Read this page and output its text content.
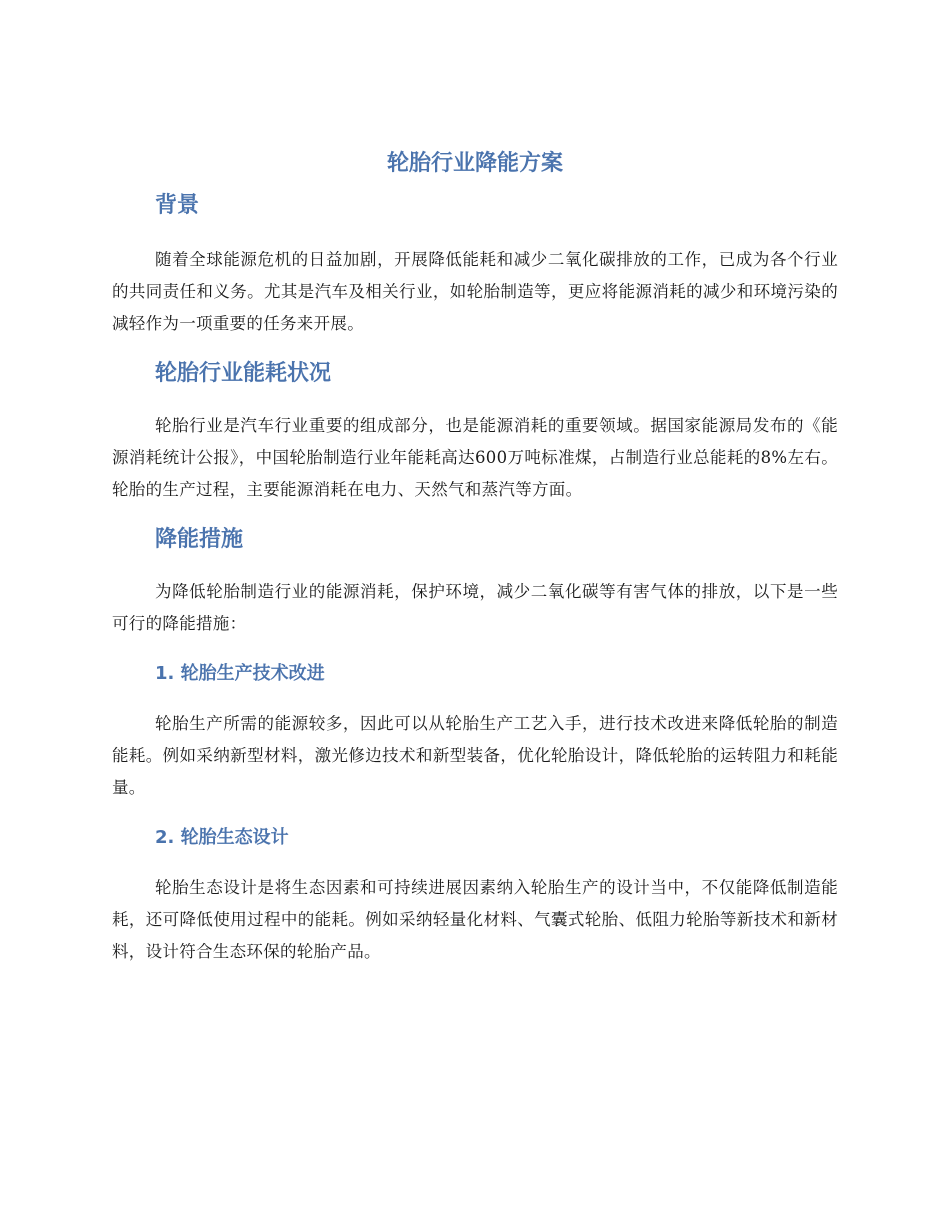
轮胎行业降能方案
背景

随着全球能源危机的日益加剧，开展降低能耗和减少二氧化碳排放的工作，已成为各个行业的共同责任和义务。尤其是汽车及相关行业，如轮胎制造等，更应将能源消耗的减少和环境污染的减轻作为一项重要的任务来开展。

轮胎行业能耗状况

轮胎行业是汽车行业重要的组成部分，也是能源消耗的重要领域。据国家能源局发布的《能源消耗统计公报》，中国轮胎制造行业年能耗高达600万吨标准煤，占制造行业总能耗的8%左右。轮胎的生产过程，主要能源消耗在电力、天然气和蒸汽等方面。

降能措施

为降低轮胎制造行业的能源消耗，保护环境，减少二氧化碳等有害气体的排放，以下是一些可行的降能措施：

1. 轮胎生产技术改进

轮胎生产所需的能源较多，因此可以从轮胎生产工艺入手，进行技术改进来降低轮胎的制造能耗。例如采纳新型材料，激光修边技术和新型装备，优化轮胎设计，降低轮胎的运转阻力和耗能量。

2. 轮胎生态设计

轮胎生态设计是将生态因素和可持续进展因素纳入轮胎生产的设计当中，不仅能降低制造能耗，还可降低使用过程中的能耗。例如采纳轻量化材料、气囊式轮胎、低阻力轮胎等新技术和新材料，设计符合生态环保的轮胎产品。
